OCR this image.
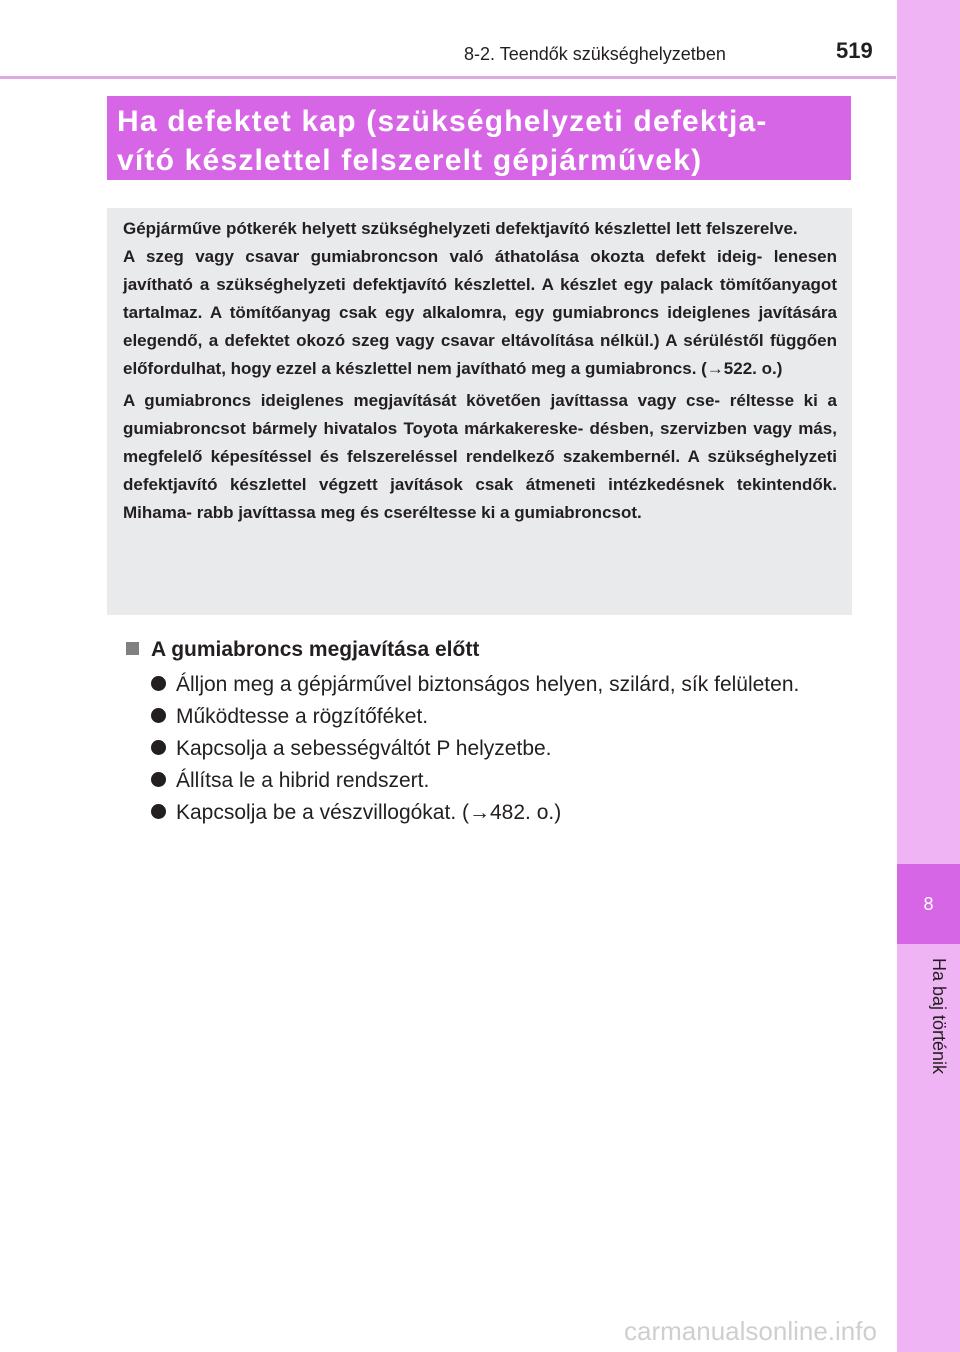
8-2. Teendők szükséghelyzetben	519
8
Ha baj történik
Ha defektet kap (szükséghelyzeti defektja-
vító készlettel felszerelt gépjárművek)

Gépjárműve pótkerék helyett szükséghelyzeti defektjavító készlettel lett felszerelve.
A szeg vagy csavar gumiabroncson való áthatolása okozta defekt ideig- lenesen javítható a szükséghelyzeti defektjavító készlettel. A készlet egy palack tömítőanyagot tartalmaz. A tömítőanyag csak egy alkalomra, egy gumiabroncs ideiglenes javítására elegendő, a defektet okozó szeg vagy csavar eltávolítása nélkül.) A sérüléstől függően előfordulhat, hogy ezzel a készlettel nem javítható meg a gumiabroncs. (→522. o.)

A gumiabroncs ideiglenes megjavítását követően javíttassa vagy cse- réltesse ki a gumiabroncsot bármely hivatalos Toyota márkakereske- désben, szervizben vagy más, megfelelő képesítéssel és felszereléssel rendelkező szakembernél. A szükséghelyzeti defektjavító készlettel végzett javítások csak átmeneti intézkedésnek tekintendők. Mihama- rabb javíttassa meg és cseréltesse ki a gumiabroncsot.

A gumiabroncs megjavítása előtt
Álljon meg a gépjárművel biztonságos helyen, szilárd, sík felületen.
Működtesse a rögzítőféket.
Kapcsolja a sebességváltót P helyzetbe.
Állítsa le a hibrid rendszert.
Kapcsolja be a vészvillogókat. (→482. o.)
carmanualsonline.info
